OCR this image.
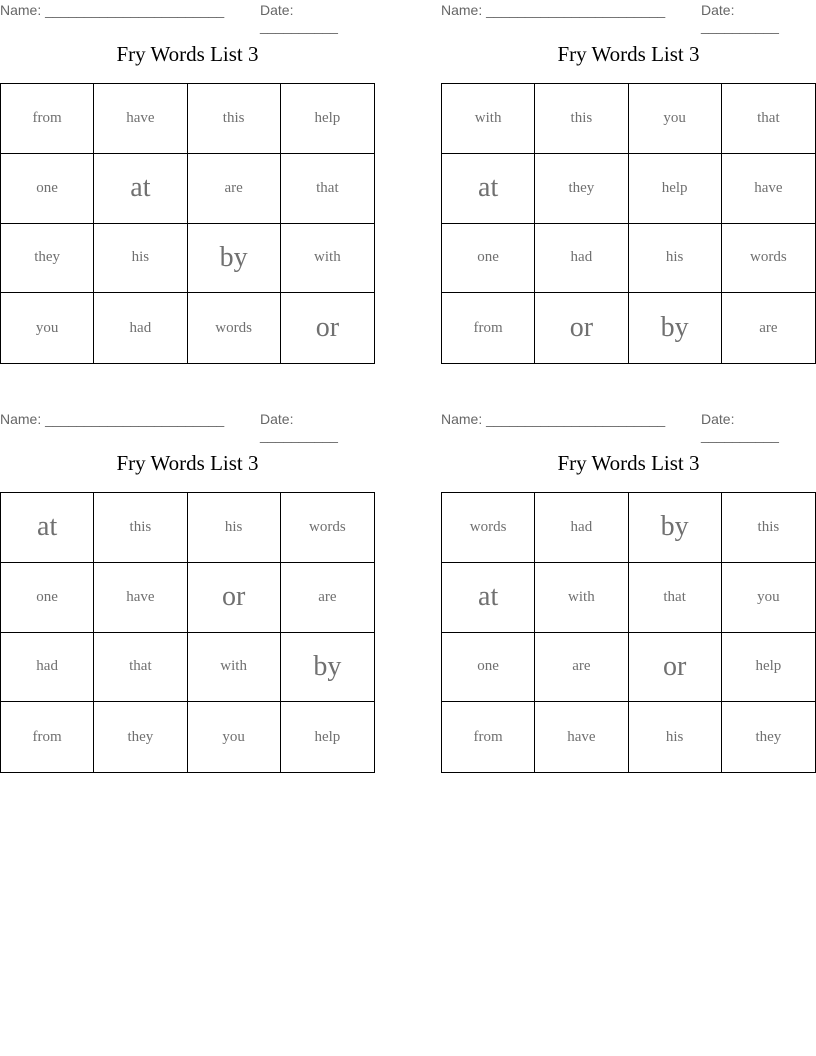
Name: _______________________	Date: __________
Fry Words List 3
from	have	this	help
one	at	are	that
they	his	by	with
you	had	words	or
Name: _______________________	Date: __________
Fry Words List 3
with	this	you	that
at	they	help	have
one	had	his	words
from	or	by	are
Name: _______________________	Date: __________
Fry Words List 3
at	this	his	words
one	have	or	are
had	that	with	by
from	they	you	help
Name: _______________________	Date: __________
Fry Words List 3
words	had	by	this
at	with	that	you
one	are	or	help
from	have	his	they
